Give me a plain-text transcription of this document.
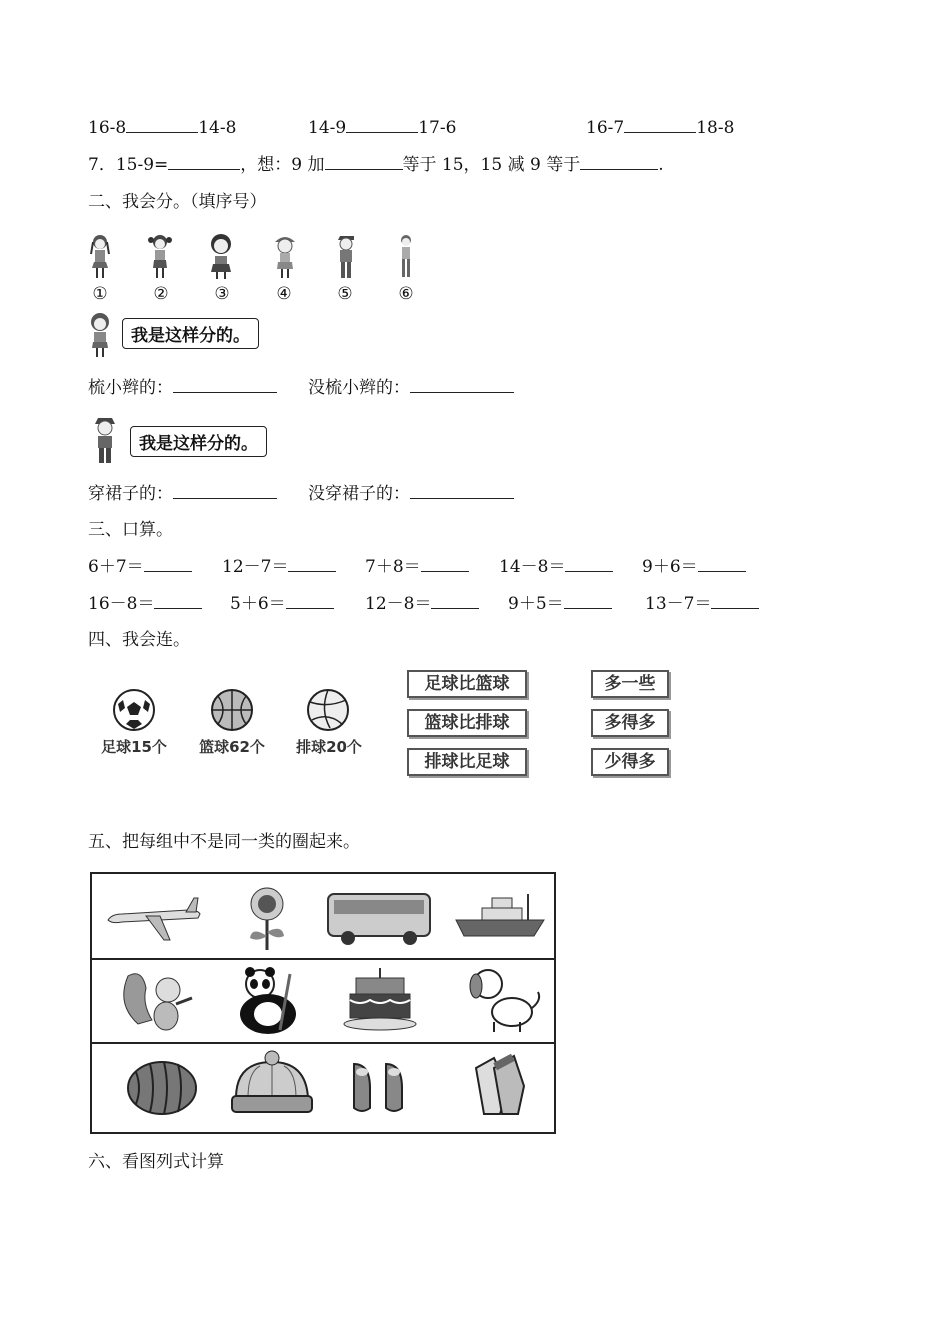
16-8	14-8	14-9	17-6	16-7	18-8
7．15-9=	，想：9 加	等于 15，15 减 9 等于	.
二、我会分。（填序号）
①	②	③	④	⑤	⑥
我是这样分的。
梳小辫的：	没梳小辫的：
我是这样分的。
穿裙子的：	没穿裙子的：
三、口算。
6＋7＝	12－7＝	7＋8＝	14－8＝	9＋6＝
16－8＝	5＋6＝	12－8＝	9＋5＝	13－7＝
四、我会连。
足球15个	篮球62个	排球20个
足球比篮球
篮球比排球
排球比足球
多一些
多得多
少得多
五、把每组中不是同一类的圈起来。
六、看图列式计算
